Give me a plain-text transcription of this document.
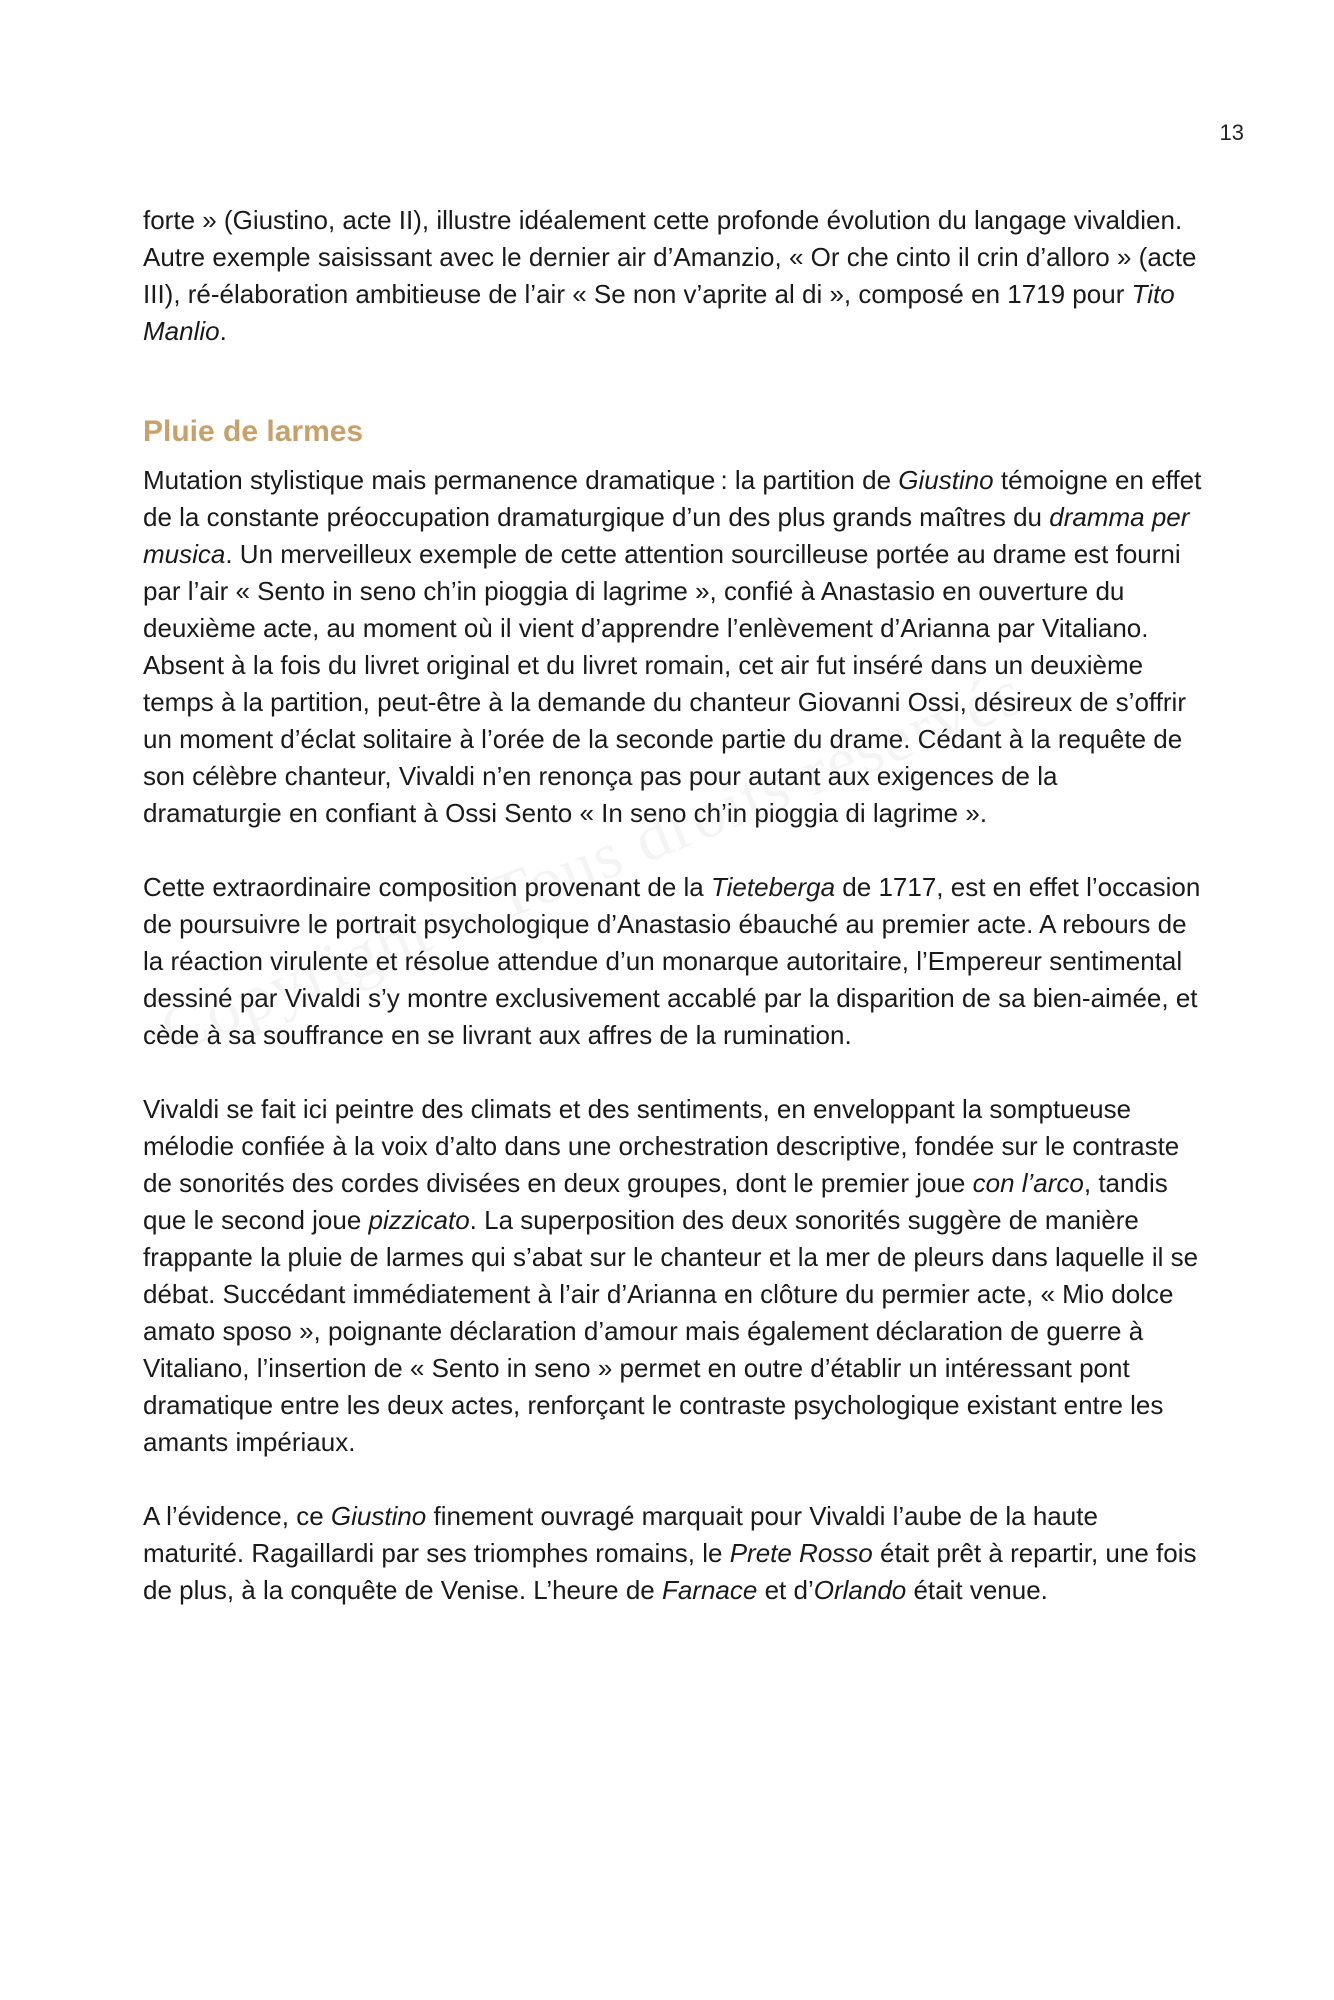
13

forte » (Giustino, acte II), illustre idéalement cette profonde évolution du langage vivaldien. Autre exemple saisissant avec le dernier air d’Amanzio, « Or che cinto il crin d’alloro » (acte III), ré-élaboration ambitieuse de l’air « Se non v’aprite al di », composé en 1719 pour Tito Manlio.

Pluie de larmes

Mutation stylistique mais permanence dramatique : la partition de Giustino témoigne en effet de la constante préoccupation dramaturgique d’un des plus grands maîtres du dramma per musica. Un merveilleux exemple de cette attention sourcilleuse portée au drame est fourni par l’air « Sento in seno ch’in pioggia di lagrime », confié à Anastasio en ouverture du deuxième acte, au moment où il vient d’apprendre l’enlèvement d’Arianna par Vitaliano. Absent à la fois du livret original et du livret romain, cet air fut inséré dans un deuxième temps à la partition, peut-être à la demande du chanteur Giovanni Ossi, désireux de s’offrir un moment d’éclat solitaire à l’orée de la seconde partie du drame. Cédant à la requête de son célèbre chanteur, Vivaldi n’en renonça pas pour autant aux exigences de la dramaturgie en confiant à Ossi Sento « In seno ch’in pioggia di lagrime ».

Cette extraordinaire composition provenant de la Tieteberga de 1717, est en effet l’occasion de poursuivre le portrait psychologique d’Anastasio ébauché au premier acte. A rebours de la réaction virulente et résolue attendue d’un monarque autoritaire, l’Empereur sentimental dessiné par Vivaldi s’y montre exclusivement accablé par la disparition de sa bien-aimée, et cède à sa souffrance en se livrant aux affres de la rumination.

Vivaldi se fait ici peintre des climats et des sentiments, en enveloppant la somptueuse mélodie confiée à la voix d’alto dans une orchestration descriptive, fondée sur le contraste de sonorités des cordes divisées en deux groupes, dont le premier joue con l’arco, tandis que le second joue pizzicato. La superposition des deux sonorités suggère de manière frappante la pluie de larmes qui s’abat sur le chanteur et la mer de pleurs dans laquelle il se débat. Succédant immédiatement à l’air d’Arianna en clôture du permier acte, « Mio dolce amato sposo », poignante déclaration d’amour mais également déclaration de guerre à Vitaliano, l’insertion de « Sento in seno » permet en outre d’établir un intéressant pont dramatique entre les deux actes, renforçant le contraste psychologique existant entre les amants impériaux.

A l’évidence, ce Giustino finement ouvragé marquait pour Vivaldi l’aube de la haute maturité. Ragaillardi par ses triomphes romains, le Prete Rosso était prêt à repartir, une fois de plus, à la conquête de Venise. L’heure de Farnace et d’Orlando était venue.
